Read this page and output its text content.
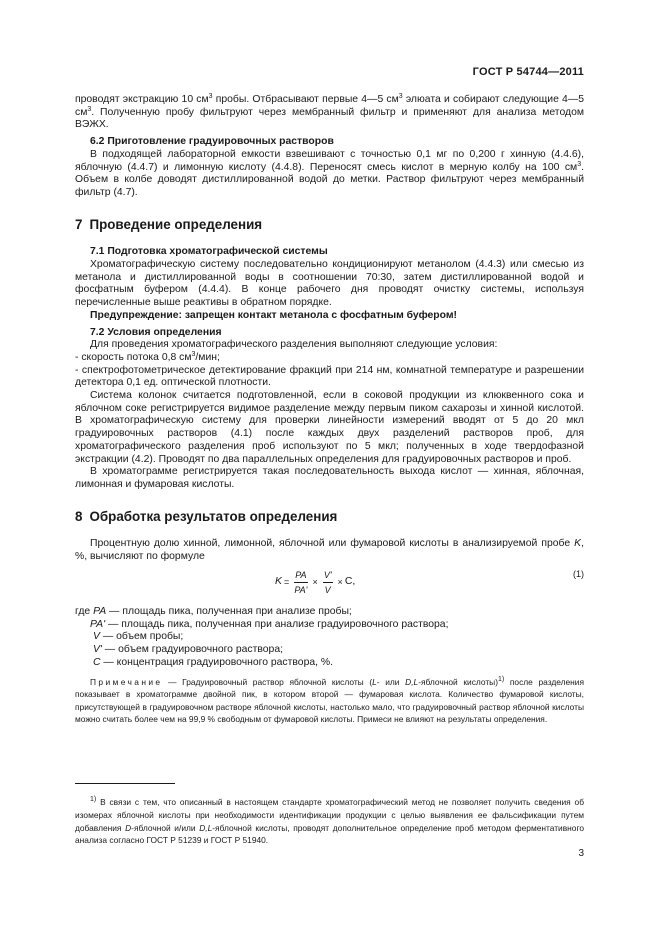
ГОСТ Р 54744—2011

проводят экстракцию 10 $см^3$ пробы. Отбрасывают первые 4—5 $см^3$ элюата и собирают следующие 4—5 $см^3$. Полученную пробу фильтруют через мембранный фильтр и применяют для анализа методом ВЭЖХ.

6.2 Приготовление градуировочных растворов

В подходящей лабораторной емкости взвешивают с точностью 0,1 мг по 0,200 г хинную (4.4.6), яблочную (4.4.7) и лимонную кислоту (4.4.8). Переносят смесь кислот в мерную колбу на 100 $см^3$. Объем в колбе доводят дистиллированной водой до метки. Раствор фильтруют через мембранный фильтр (4.7).

7 Проведение определения

7.1 Подготовка хроматографической системы

Хроматографическую систему последовательно кондиционируют метанолом (4.4.3) или смесью из метанола и дистиллированной воды в соотношении 70:30, затем дистиллированной водой и фосфатным буфером (4.4.4). В конце рабочего дня проводят очистку системы, используя перечисленные выше реактивы в обратном порядке.

Предупреждение: запрещен контакт метанола с фосфатным буфером!

7.2 Условия определения

Для проведения хроматографического разделения выполняют следующие условия:

- скорость потока 0,8 $см^3$/мин;

- спектрофотометрическое детектирование фракций при 214 нм, комнатной температуре и разрешении детектора 0,1 ед. оптической плотности.

Система колонок считается подготовленной, если в соковой продукции из клюквенного сока и яблочном соке регистрируется видимое разделение между первым пиком сахарозы и хинной кислотой. В хроматографическую систему для проверки линейности измерений вводят от 5 до 20 мкл градуировочных растворов (4.1) после каждых двух разделений растворов проб, для хроматографического разделения проб используют по 5 мкл; полученных в ходе твердофазной экстракции (4.2). Проводят по два параллельных определения для градуировочных растворов и проб.

В хроматограмме регистрируется такая последовательность выхода кислот — хинная, яблочная, лимонная и фумаровая кислоты.

8 Обработка результатов определения

Процентную долю хинной, лимонной, яблочной или фумаровой кислоты в анализируемой пробе K, %, вычисляют по формуле

$K = \frac{PA}{PA'} \times \frac{V'}{V} \times C$,
(1)

где PA — площадь пика, полученная при анализе пробы;

PA' — площадь пика, полученная при анализе градуировочного раствора;

V — объем пробы;

V' — объем градуировочного раствора;

C — концентрация градуировочного раствора, %.

Примечание — Градуировочный раствор яблочной кислоты (L- или D,L-яблочной кислоты)$^{1)}$ после разделения показывает в хроматограмме двойной пик, в котором второй — фумаровая кислота. Количество фумаровой кислоты, присутствующей в градуировочном растворе яблочной кислоты, настолько мало, что градуировочный раствор яблочной кислоты можно считать более чем на 99,9 % свободным от фумаровой кислоты. Примеси не влияют на результаты определения.

$^{1)}$ В связи с тем, что описанный в настоящем стандарте хроматографический метод не позволяет получить сведения об изомерах яблочной кислоты при необходимости идентификации продукции с целью выявления ее фальсификации путем добавления D-яблочной и/или D,L-яблочной кислоты, проводят дополнительное определение проб методом ферментативного анализа согласно ГОСТ Р 51239 и ГОСТ Р 51940.

3
